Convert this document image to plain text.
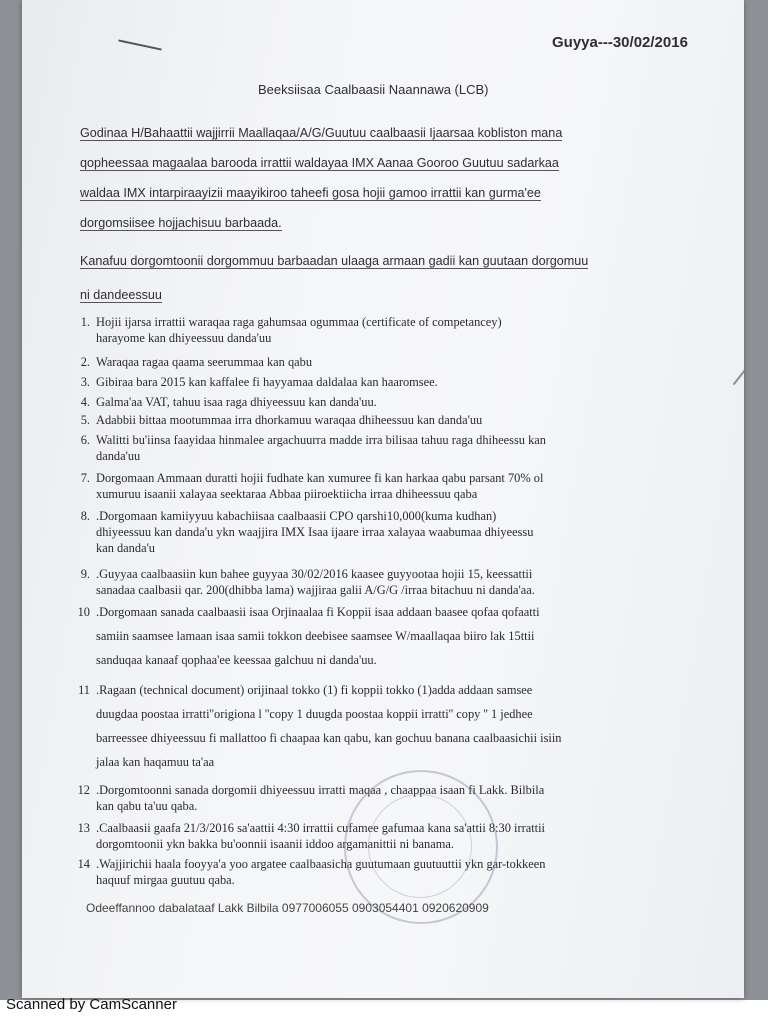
Guyya---30/02/2016
Beeksiisaa Caalbaasii Naannawa (LCB)
Godinaa H/Bahaattii wajjirrii Maallaqaa/A/G/Guutuu caalbaasii Ijaarsaa kobliston mana
qopheessaa magaalaa barooda irrattii waldayaa IMX Aanaa Gooroo Guutuu sadarkaa
waldaa IMX intarpiraayizii maayikiroo taheefi gosa hojii gamoo irrattii kan gurma'ee
dorgomsiisee hojjachisuu barbaada.
Kanafuu dorgomtoonii dorgommuu barbaadan ulaaga armaan gadii kan guutaan dorgomuu
ni dandeessuu
1. Hojii ijarsa irrattii waraqaa raga gahumsaa ogummaa (certificate of competancey)
harayome kan dhiyeessuu danda'uu
2. Waraqaa ragaa qaama seerummaa kan qabu
3. Gibiraa bara 2015 kan kaffalee fi hayyamaa daldalaa kan haaromsee.
4. Galma'aa VAT, tahuu isaa raga dhiyeessuu kan danda'uu.
5. Adabbii bittaa mootummaa irra dhorkamuu waraqaa dhiheessuu kan danda'uu
6. Walitti bu'iinsa faayidaa hinmalee argachuurra madde irra bilisaa tahuu raga dhiheessu kan
danda'uu
7. Dorgomaan Ammaan duratti hojii fudhate kan xumuree fi kan harkaa qabu parsant 70% ol
xumuruu isaanii xalayaa seektaraa Abbaa piiroektiicha irraa dhiheessuu qaba
8. .Dorgomaan kamiiyyuu kabachiisaa caalbaasii CPO qarshi10,000(kuma kudhan)
dhiyeessuu kan danda'u ykn waajjira IMX Isaa ijaare irraa xalayaa waabumaa dhiyeessu
kan danda'u
9. .Guyyaa caalbaasiin kun bahee guyyaa 30/02/2016 kaasee guyyootaa hojii 15, keessattii
sanadaa caalbasii qar. 200(dhibba lama) wajjiraa galii A/G/G /irraa bitachuu ni danda'aa.
10 .Dorgomaan sanada caalbaasii isaa Orjinaalaa fi Koppii isaa addaan baasee qofaa qofaatti
samiin saamsee lamaan isaa samii tokkon deebisee saamsee W/maallaqaa biiro lak 15ttii
sanduqaa kanaaf qophaa'ee keessaa galchuu ni danda'uu.
11 .Ragaan (technical document) orijinaal tokko (1) fi koppii tokko (1)adda addaan samsee
duugdaa poostaa irratti''origiona l ''copy 1 duugda poostaa koppii irratti'' copy '' 1 jedhee
barreessee dhiyeessuu fi mallattoo fi chaapaa kan qabu, kan gochuu banana caalbaasichii isiin
jalaa kan haqamuu ta'aa
12 .Dorgomtoonni sanada dorgomii dhiyeessuu irratti maqaa , chaappaa isaan fi Lakk. Bilbila
kan qabu ta'uu qaba.
13 .Caalbaasii gaafa 21/3/2016 sa'aattii 4:30 irrattii cufamee gafumaa kana sa'attii 8:30 irrattii
dorgomtoonii ykn bakka bu'oonnii isaanii iddoo argamanittii ni banama.
14 .Wajjirichii haala fooyya'a yoo argatee caalbaasicha guutumaan guutuuttii ykn gar-tokkeen
haquuf mirgaa guutuu qaba.
Odeeffannoo dabalataaf Lakk Bilbila 0977006055 0903054401 0920620909
Scanned by CamScanner
